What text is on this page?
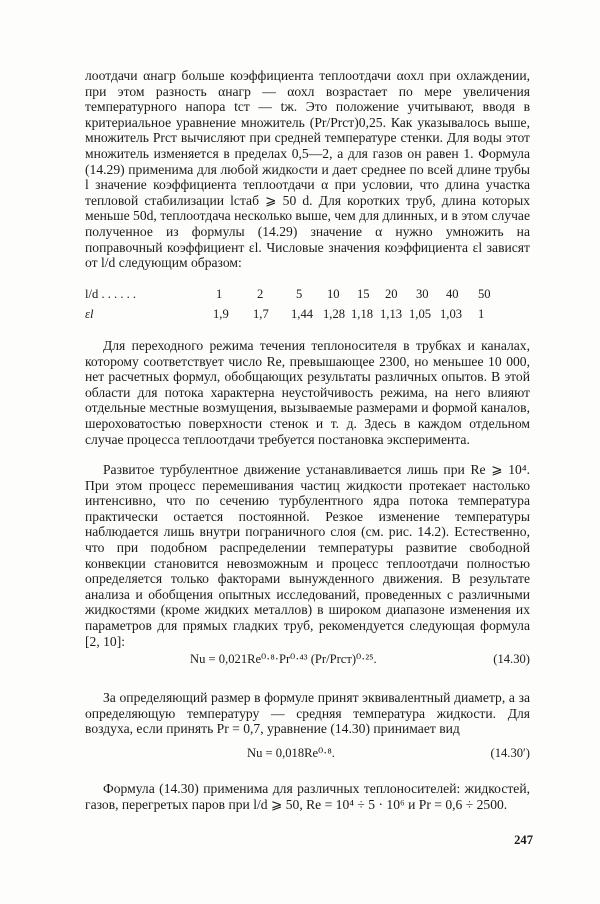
лоотдачи αнагр больше коэффициента теплоотдачи αохл при охлаждении, при этом разность αнагр — αохл возрастает по мере увеличения температурного напора tст — tж. Это положение учитывают, вводя в критериальное уравнение множитель (Pr/Prст)0,25. Как указывалось выше, множитель Prст вычисляют при средней температуре стенки. Для воды этот множитель изменяется в пределах 0,5—2, а для газов он равен 1. Формула (14.29) применима для любой жидкости и дает среднее по всей длине трубы l значение коэффициента теплоотдачи α при условии, что длина участка тепловой стабилизации lстаб ⩾ 50 d. Для коротких труб, длина которых меньше 50d, теплоотдача несколько выше, чем для длинных, и в этом случае полученное из формулы (14.29) значение α нужно умножить на поправочный коэффициент εl. Числовые значения коэффициента εl зависят от l/d следующим образом:

l/d . . . . . .	1	2	5 10 15 20 30 40 50
εl	1,9 1,7 1,44 1,28 1,18 1,13 1,05 1,03 1

Для переходного режима течения теплоносителя в трубках и каналах, которому соответствует число Re, превышающее 2300, но меньшее 10 000, нет расчетных формул, обобщающих результаты различных опытов. В этой области для потока характерна неустойчивость режима, на него влияют отдельные местные возмущения, вызываемые размерами и формой каналов, шероховатостью поверхности стенок и т. д. Здесь в каждом отдельном случае процесса теплоотдачи требуется постановка эксперимента.

Развитое турбулентное движение устанавливается лишь при Re ⩾ 10⁴. При этом процесс перемешивания частиц жидкости протекает настолько интенсивно, что по сечению турбулентного ядра потока температура практически остается постоянной. Резкое изменение температуры наблюдается лишь внутри пограничного слоя (см. рис. 14.2). Естественно, что при подобном распределении температуры развитие свободной конвекции становится невозможным и процесс теплоотдачи полностью определяется только факторами вынужденного движения. В результате анализа и обобщения опытных исследований, проведенных с различными жидкостями (кроме жидких металлов) в широком диапазоне изменения их параметров для прямых гладких труб, рекомендуется следующая формула [2, 10]:

Nu = 0,021Re⁰·⁸·Pr⁰·⁴³ (Pr/Prст)⁰·²⁵.	(14.30)

За определяющий размер в формуле принят эквивалентный диаметр, а за определяющую температуру — средняя температура жидкости. Для воздуха, если принять Pr = 0,7, уравнение (14.30) принимает вид

Nu = 0,018Re⁰·⁸.	(14.30′)

Формула (14.30) применима для различных теплоносителей: жидкостей, газов, перегретых паров при l/d ⩾ 50, Re = 10⁴ ÷ 5 · 10⁶ и Pr = 0,6 ÷ 2500.

247
